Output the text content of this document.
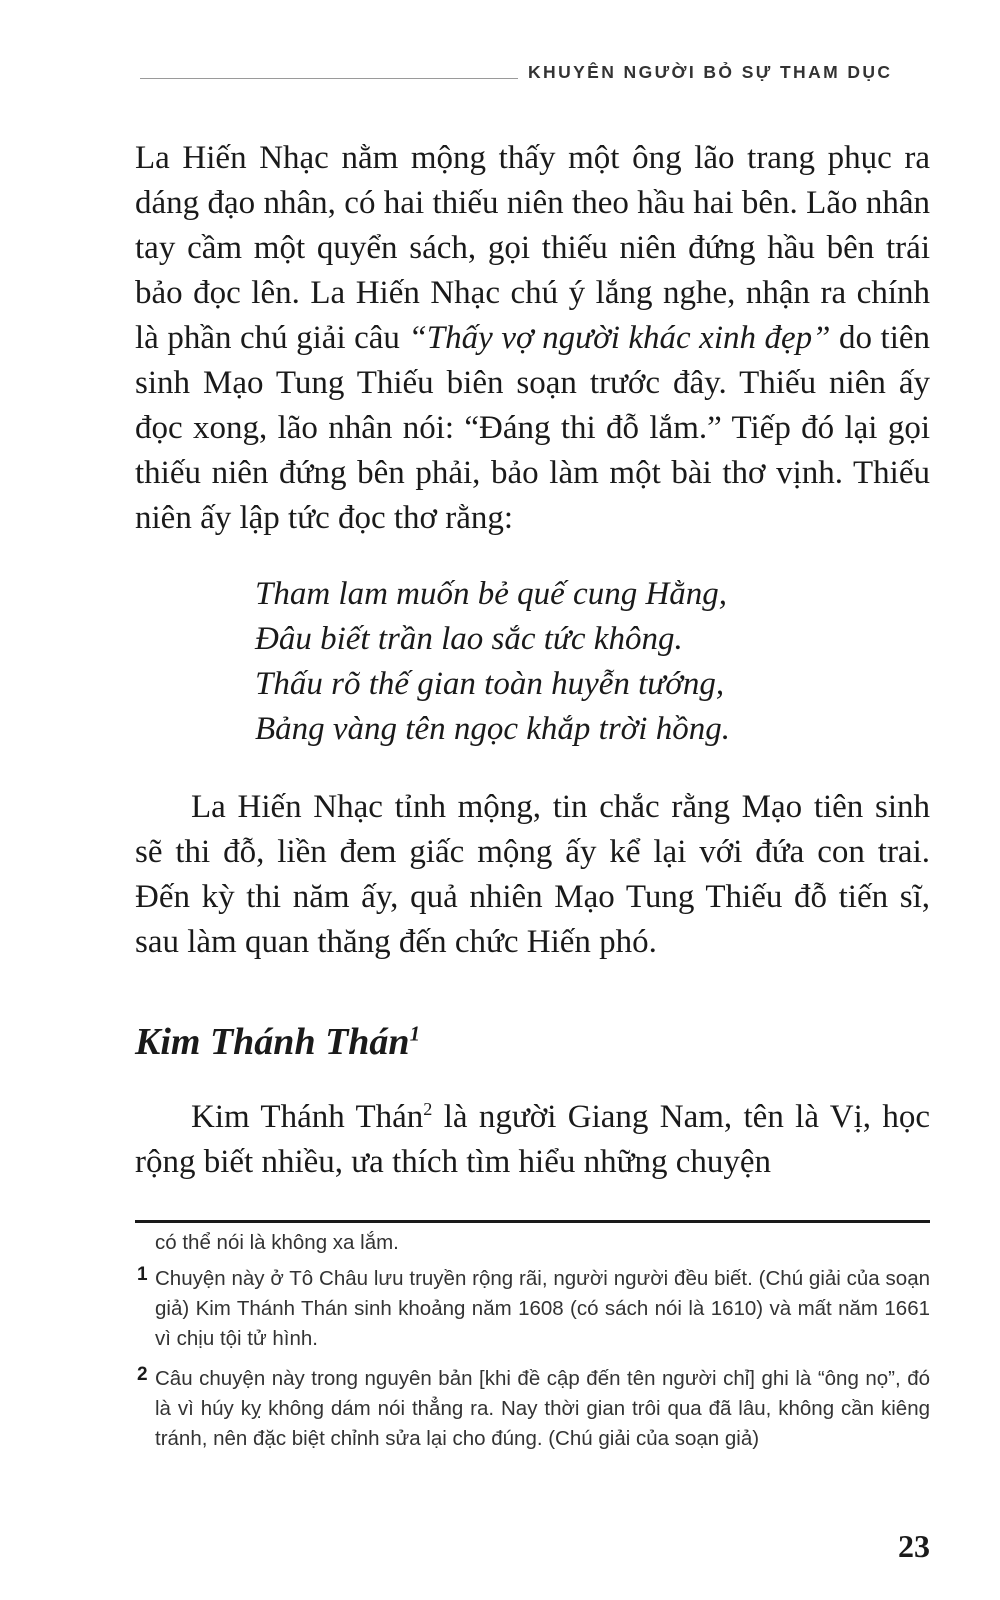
KHUYÊN NGƯỜI BỎ SỰ THAM DỤC

La Hiến Nhạc nằm mộng thấy một ông lão trang phục ra dáng đạo nhân, có hai thiếu niên theo hầu hai bên. Lão nhân tay cầm một quyển sách, gọi thiếu niên đứng hầu bên trái bảo đọc lên. La Hiến Nhạc chú ý lắng nghe, nhận ra chính là phần chú giải câu “Thấy vợ người khác xinh đẹp” do tiên sinh Mạo Tung Thiếu biên soạn trước đây. Thiếu niên ấy đọc xong, lão nhân nói: “Đáng thi đỗ lắm.” Tiếp đó lại gọi thiếu niên đứng bên phải, bảo làm một bài thơ vịnh. Thiếu niên ấy lập tức đọc thơ rằng:

Tham lam muốn bẻ quế cung Hằng,
Đâu biết trần lao sắc tức không.
Thấu rõ thế gian toàn huyễn tướng,
Bảng vàng tên ngọc khắp trời hồng.

La Hiến Nhạc tỉnh mộng, tin chắc rằng Mạo tiên sinh sẽ thi đỗ, liền đem giấc mộng ấy kể lại với đứa con trai. Đến kỳ thi năm ấy, quả nhiên Mạo Tung Thiếu đỗ tiến sĩ, sau làm quan thăng đến chức Hiến phó.

Kim Thánh Thán$^1$

Kim Thánh Thán$^2$ là người Giang Nam, tên là Vị, học rộng biết nhiều, ưa thích tìm hiểu những chuyện

có thể nói là không xa lắm.
1 Chuyện này ở Tô Châu lưu truyền rộng rãi, người người đều biết. (Chú giải của soạn giả) Kim Thánh Thán sinh khoảng năm 1608 (có sách nói là 1610) và mất năm 1661 vì chịu tội tử hình.
2 Câu chuyện này trong nguyên bản [khi đề cập đến tên người chỉ] ghi là “ông nọ”, đó là vì húy kỵ không dám nói thẳng ra. Nay thời gian trôi qua đã lâu, không cần kiêng tránh, nên đặc biệt chỉnh sửa lại cho đúng. (Chú giải của soạn giả)
23
